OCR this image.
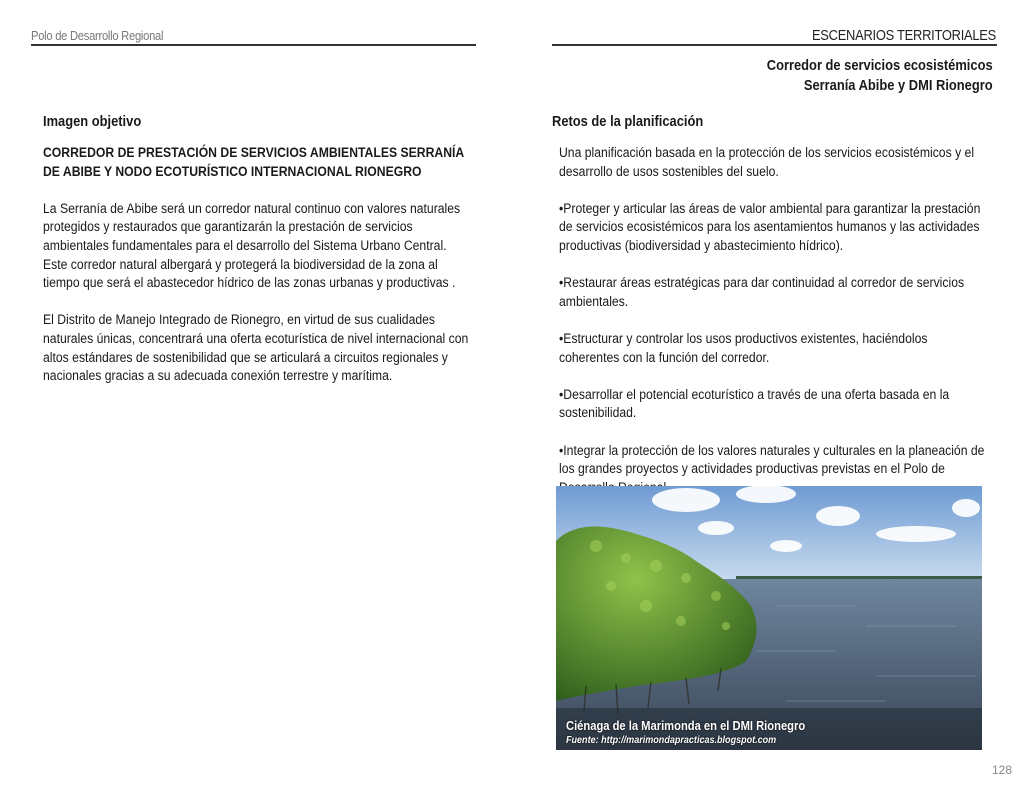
Polo de Desarrollo Regional	ESCENARIOS TERRITORIALES
Corredor de servicios ecosistémicos
Serranía Abibe y DMI Rionegro
Imagen objetivo

CORREDOR DE PRESTACIÓN DE SERVICIOS AMBIENTALES SERRANÍA
DE ABIBE Y NODO ECOTURÍSTICO INTERNACIONAL RIONEGRO

La Serranía de Abibe será un corredor natural continuo con valores naturales protegidos y restaurados que garantizarán la prestación de servicios ambientales fundamentales para el desarrollo del Sistema Urbano Central. Este corredor natural albergará y protegerá la biodiversidad de la zona al tiempo que será el abastecedor hídrico de las zonas urbanas y productivas .

El Distrito de Manejo Integrado de Rionegro, en virtud de sus cualidades naturales únicas, concentrará una oferta ecoturística de nivel internacional con altos estándares de sostenibilidad que se articulará a circuitos regionales y nacionales gracias a su adecuada conexión terrestre y marítima.

Retos de la planificación

Una planificación basada en la protección de los servicios ecosistémicos y el desarrollo de usos sostenibles del suelo.

•Proteger y articular las áreas de valor ambiental para garantizar la prestación de servicios ecosistémicos para los asentamientos humanos y las actividades productivas (biodiversidad y abastecimiento hídrico).

•Restaurar áreas estratégicas para dar continuidad al corredor de servicios ambientales.

•Estructurar y controlar los usos productivos existentes, haciéndolos coherentes con la función del corredor.

•Desarrollar el potencial ecoturístico a través de una oferta basada en la sostenibilidad.

•Integrar la protección de los valores naturales y culturales en la planeación de los grandes proyectos y actividades productivas previstas en el Polo de

Ciénaga de la Marimonda en el DMI Rionegro
Fuente: http://marimondapracticas.blogspot.com
128
